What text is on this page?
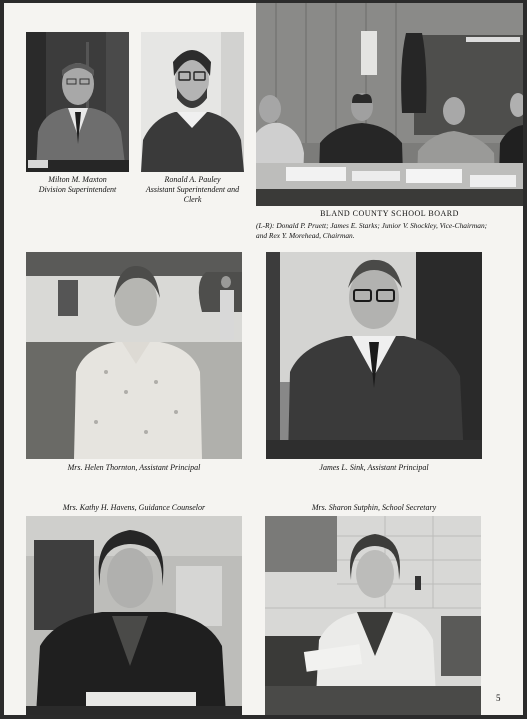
Milton M. Maxton
Division Superintendent
Ronald A. Pauley
Assistant Superintendent and
Clerk
BLAND COUNTY SCHOOL BOARD
(L-R): Donald P. Pruett; James E. Starks; Junior V. Shockley, Vice-Chairman;
and Rex Y. Morehead, Chairman.
Mrs. Helen Thornton, Assistant Principal	James L. Sink, Assistant Principal
Mrs. Kathy H. Havens, Guidance Counselor	Mrs. Sharon Sutphin, School Secretary
5
